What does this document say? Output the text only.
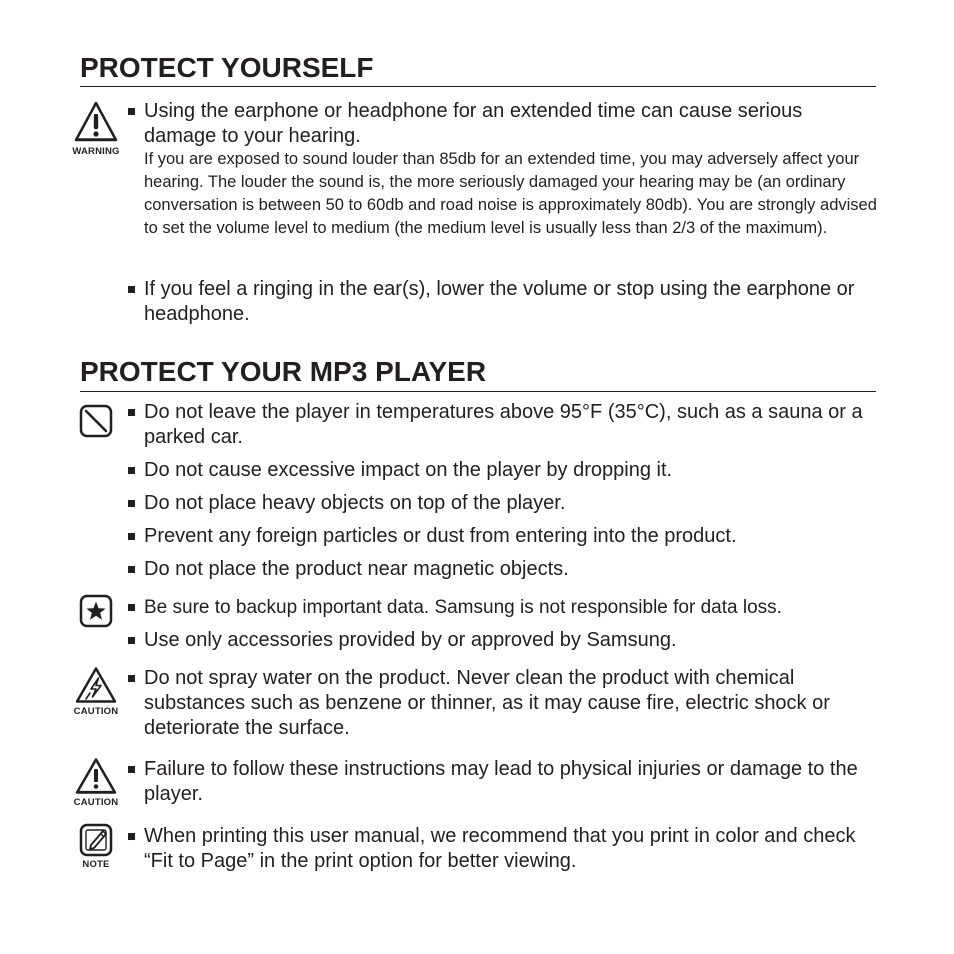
PROTECT YOURSELF
WARNING
Using the earphone or headphone for an extended time can cause serious damage to your hearing.
If you are exposed to sound louder than 85db for an extended time, you may adversely affect your hearing. The louder the sound is, the more seriously damaged your hearing may be (an ordinary conversation is between 50 to 60db and road noise is approximately 80db). You are strongly advised to set the volume level to medium (the medium level is usually less than 2/3 of the maximum).
If you feel a ringing in the ear(s), lower the volume or stop using the earphone or headphone.
PROTECT YOUR MP3 PLAYER
Do not leave the player in temperatures above 95°F (35°C), such as a sauna or a parked car.
Do not cause excessive impact on the player by dropping it.
Do not place heavy objects on top of the player.
Prevent any foreign particles or dust from entering into the product.
Do not place the product near magnetic objects.
Be sure to backup important data. Samsung is not responsible for data loss.
Use only accessories provided by or approved by Samsung.
CAUTION
Do not spray water on the product. Never clean the product with chemical substances such as benzene or thinner, as it may cause fire, electric shock or deteriorate the surface.
CAUTION
Failure to follow these instructions may lead to physical injuries or damage to the player.
NOTE
When printing this user manual, we recommend that you print in color and check “Fit to Page” in the print option for better viewing.
